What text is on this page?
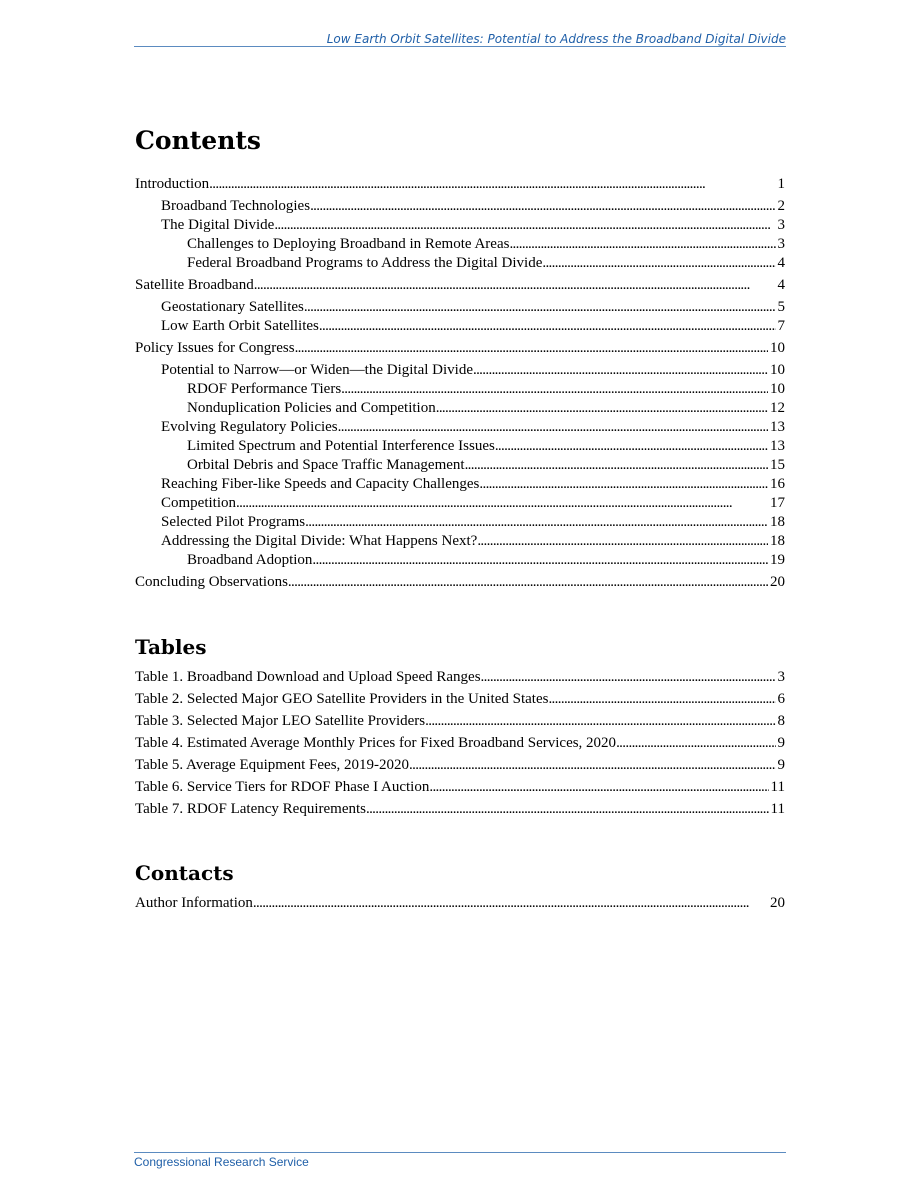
Low Earth Orbit Satellites: Potential to Address the Broadband Digital Divide
Contents
Introduction . . .	1
Broadband Technologies . . .	2
The Digital Divide . . .	3
Challenges to Deploying Broadband in Remote Areas . . .	3
Federal Broadband Programs to Address the Digital Divide . . .	4
Satellite Broadband . . .	4
Geostationary Satellites . . .	5
Low Earth Orbit Satellites . . .	7
Policy Issues for Congress . . .	10
Potential to Narrow—or Widen—the Digital Divide . . .	10
RDOF Performance Tiers . . .	10
Nonduplication Policies and Competition . . .	12
Evolving Regulatory Policies . . .	13
Limited Spectrum and Potential Interference Issues . . .	13
Orbital Debris and Space Traffic Management . . .	15
Reaching Fiber-like Speeds and Capacity Challenges . . .	16
Competition . . .	17
Selected Pilot Programs . . .	18
Addressing the Digital Divide: What Happens Next? . . .	18
Broadband Adoption . . .	19
Concluding Observations . . .	20
Tables
Table 1. Broadband Download and Upload Speed Ranges . . .	3
Table 2. Selected Major GEO Satellite Providers in the United States . . .	6
Table 3. Selected Major LEO Satellite Providers . . .	8
Table 4. Estimated Average Monthly Prices for Fixed Broadband Services, 2020 . . .	9
Table 5. Average Equipment Fees, 2019-2020 . . .	9
Table 6. Service Tiers for RDOF Phase I Auction . . .	11
Table 7. RDOF Latency Requirements . . .	11
Contacts
Author Information . . .	20
Congressional Research Service
